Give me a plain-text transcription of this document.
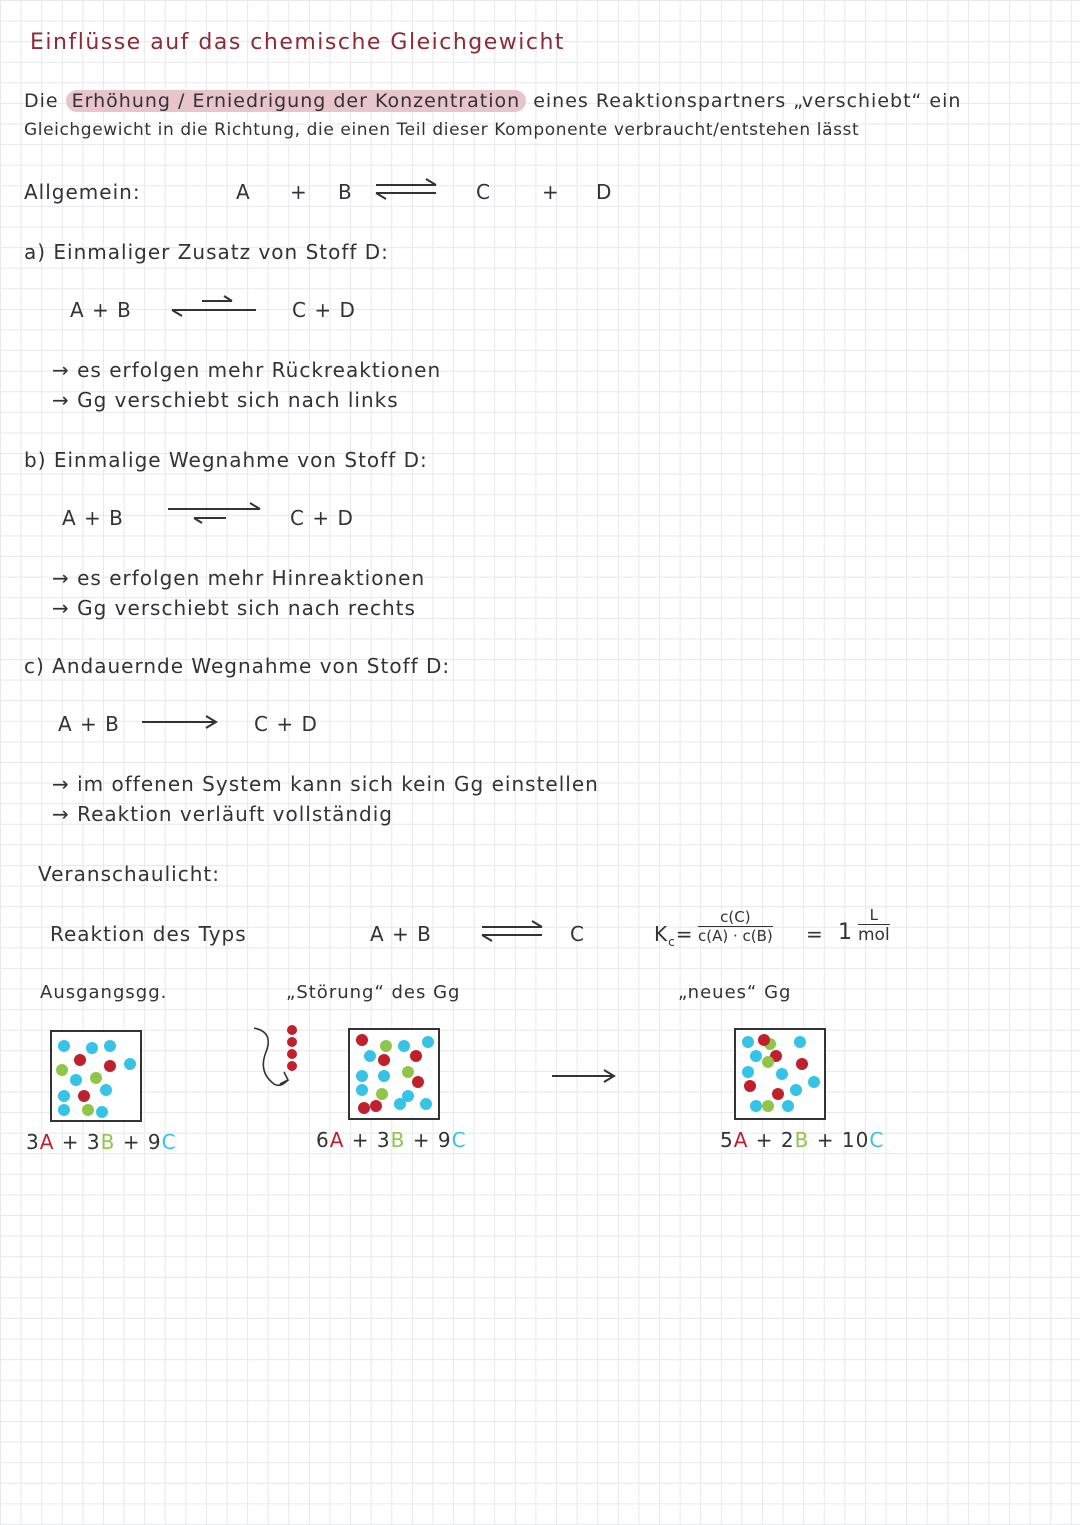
Einflüsse auf das chemische Gleichgewicht
Die Erhöhung / Erniedrigung der Konzentration eines Reaktionspartners „verschiebt“ ein
Gleichgewicht in die Richtung, die einen Teil dieser Komponente verbraucht/entstehen lässt
Allgemein:	A + B	C	+ D
a) Einmaliger Zusatz von Stoff D:
A + B	C + D
→ es erfolgen mehr Rückreaktionen
→ Gg verschiebt sich nach links
b) Einmalige Wegnahme von Stoff D:
A + B	C + D
→ es erfolgen mehr Hinreaktionen
→ Gg verschiebt sich nach rechts
c) Andauernde Wegnahme von Stoff D:
A + B	C + D
→ im offenen System kann sich kein Gg einstellen
→ Reaktion verläuft vollständig
Veranschaulicht:
Reaktion des Typs	A + B	C	$K_c= \frac{c(C)}{c(A) \cdot c(B)} = 1$
L
mol
Ausgangsgg.	„Störung“ des Gg	„neues“ Gg
3A + 3B + 9C	6A + 3B + 9C	5A + 2B + 10C
